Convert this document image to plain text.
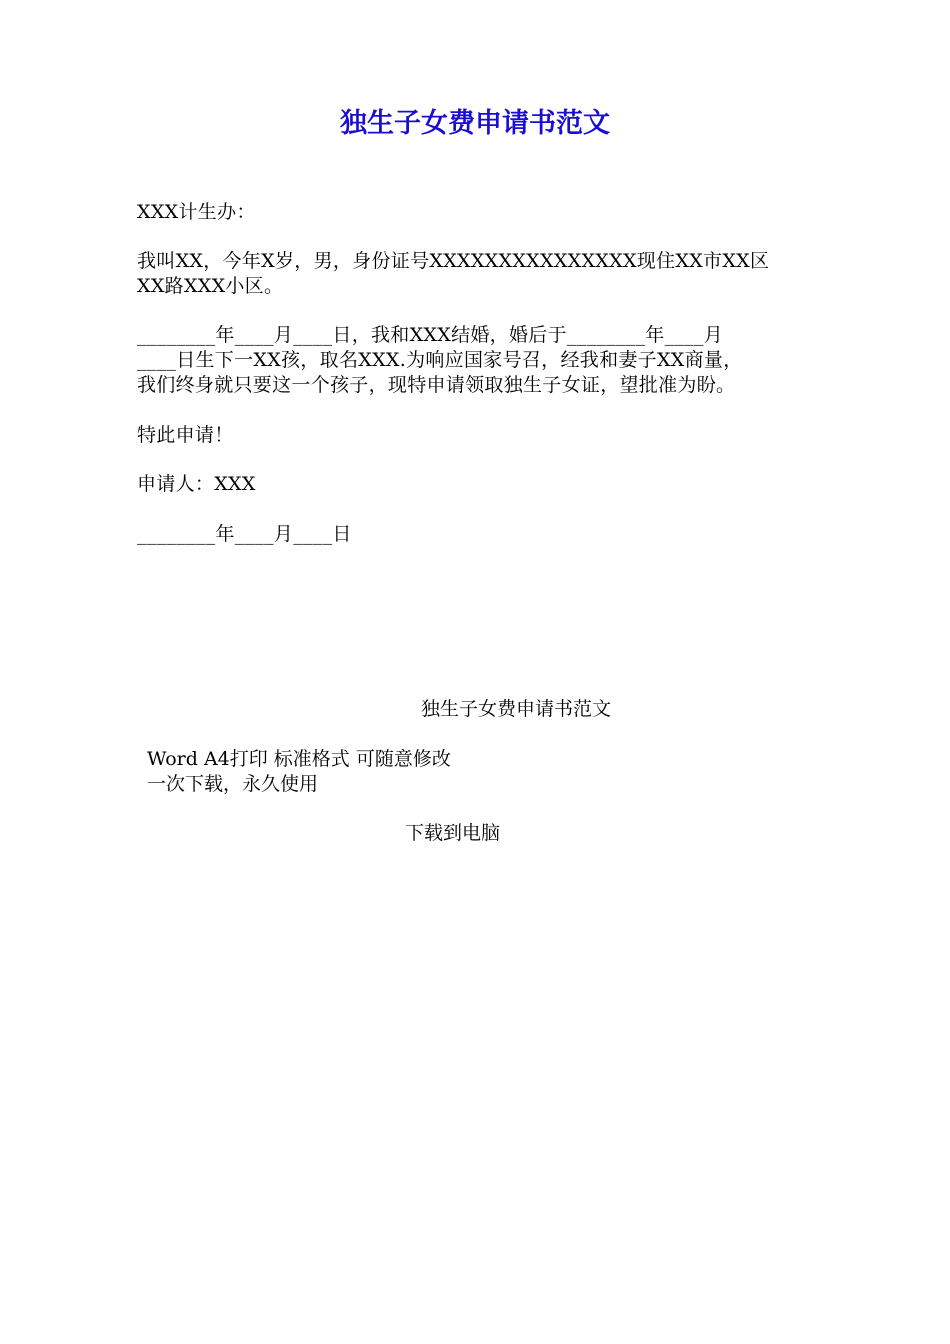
独生子女费申请书范文
XXX计生办：
我叫XX，今年X岁，男，身份证号XXXXXXXXXXXXXXX现住XX市XX区
XX路XXX小区。
________年____月____日，我和XXX结婚，婚后于________年____月
____日生下一XX孩，取名XXX.为响应国家号召，经我和妻子XX商量，
我们终身就只要这一个孩子，现特申请领取独生子女证，望批准为盼。
特此申请！
申请人：XXX
________年____月____日
独生子女费申请书范文
Word A4打印 标准格式 可随意修改
一次下载，永久使用
下载到电脑
